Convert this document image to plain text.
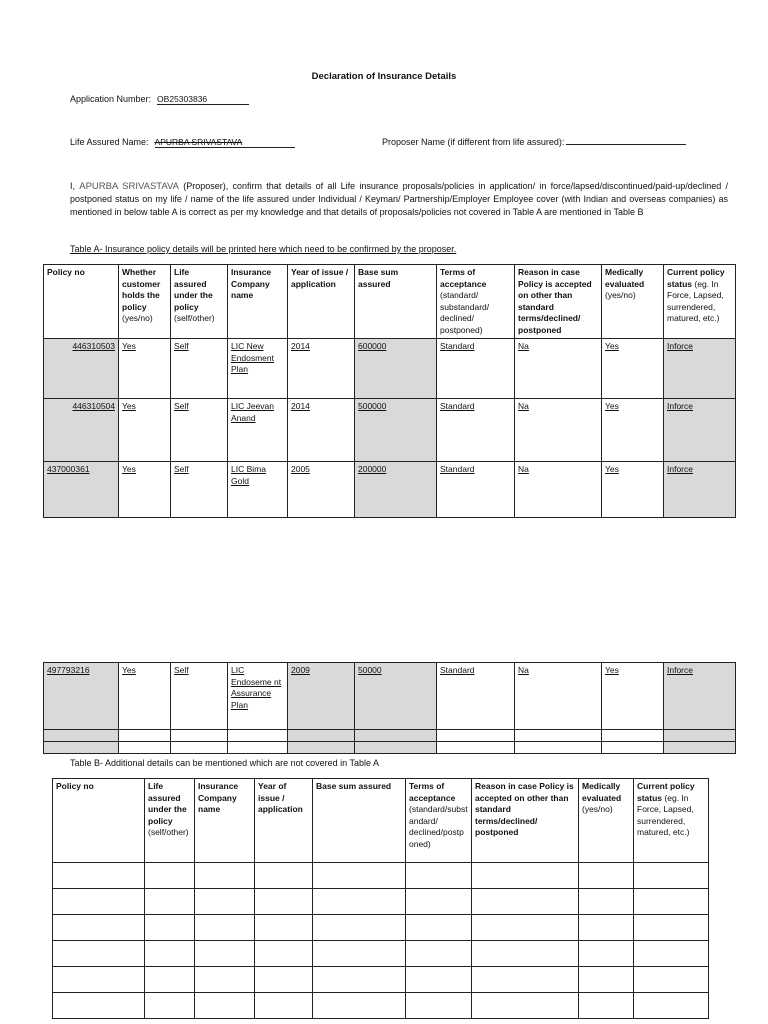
Declaration of Insurance Details
Application Number: OB25303836
Life Assured Name: APURBA SRIVASTAVA	Proposer Name (if different from life assured):
I, APURBA SRIVASTAVA (Proposer), confirm that details of all Life insurance proposals/policies in application/ in force/lapsed/discontinued/paid-up/declined / postponed status on my life / name of the life assured under Individual / Keyman/ Partnership/Employer Employee cover (with Indian and overseas companies) as mentioned in below table A is correct as per my knowledge and that details of proposals/policies not covered in Table A are mentioned in Table B
Table A- Insurance policy details will be printed here which need to be confirmed by the proposer.
Policy no	Whether customer holds the policy (yes/no)	Life assured under the policy (self/other)	Insurance Company name	Year of issue / application	Base sum assured	Terms of acceptance (standard/ substandard/ declined/ postponed)	Reason in case Policy is accepted on other than standard terms/declined/ postponed	Medically evaluated (yes/no)	Current policy status (eg. In Force, Lapsed, surrendered, matured, etc.)
446310503	Yes	Self	LIC New Endosment Plan	2014	600000	Standard	Na	Yes	Inforce
446310504	Yes	Self	LIC Jeevan Anand	2014	500000	Standard	Na	Yes	Inforce
437000361	Yes	Self	LIC Bima Gold	2005	200000	Standard	Na	Yes	Inforce
497793216	Yes	Self	LIC Endoseme nt Assurance Plan	2009	50000	Standard	Na	Yes	Inforce

Table B- Additional details can be mentioned which are not covered in Table A
Policy no	Life assured under the policy (self/other)	Insurance Company name	Year of issue / application	Base sum assured	Terms of acceptance (standard/substandard/ declined/postponed)	Reason in case Policy is accepted on other than standard terms/declined/ postponed	Medically evaluated (yes/no)	Current policy status (eg. In Force, Lapsed, surrendered, matured, etc.)
